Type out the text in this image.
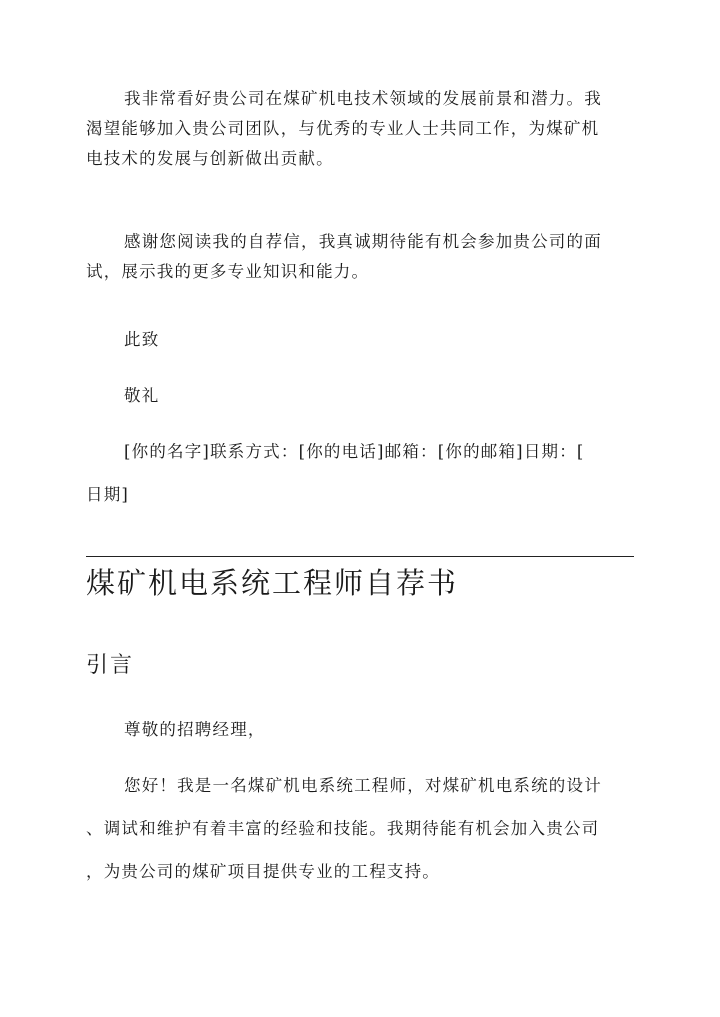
我非常看好贵公司在煤矿机电技术领域的发展前景和潜力。我
渴望能够加入贵公司团队，与优秀的专业人士共同工作，为煤矿机
电技术的发展与创新做出贡献。

感谢您阅读我的自荐信，我真诚期待能有机会参加贵公司的面
试，展示我的更多专业知识和能力。

此致

敬礼

[你的名字]联系方式：[你的电话]邮箱：[你的邮箱]日期：[
日期]

煤矿机电系统工程师自荐书
引言

尊敬的招聘经理，

您好！我是一名煤矿机电系统工程师，对煤矿机电系统的设计
、调试和维护有着丰富的经验和技能。我期待能有机会加入贵公司
，为贵公司的煤矿项目提供专业的工程支持。
